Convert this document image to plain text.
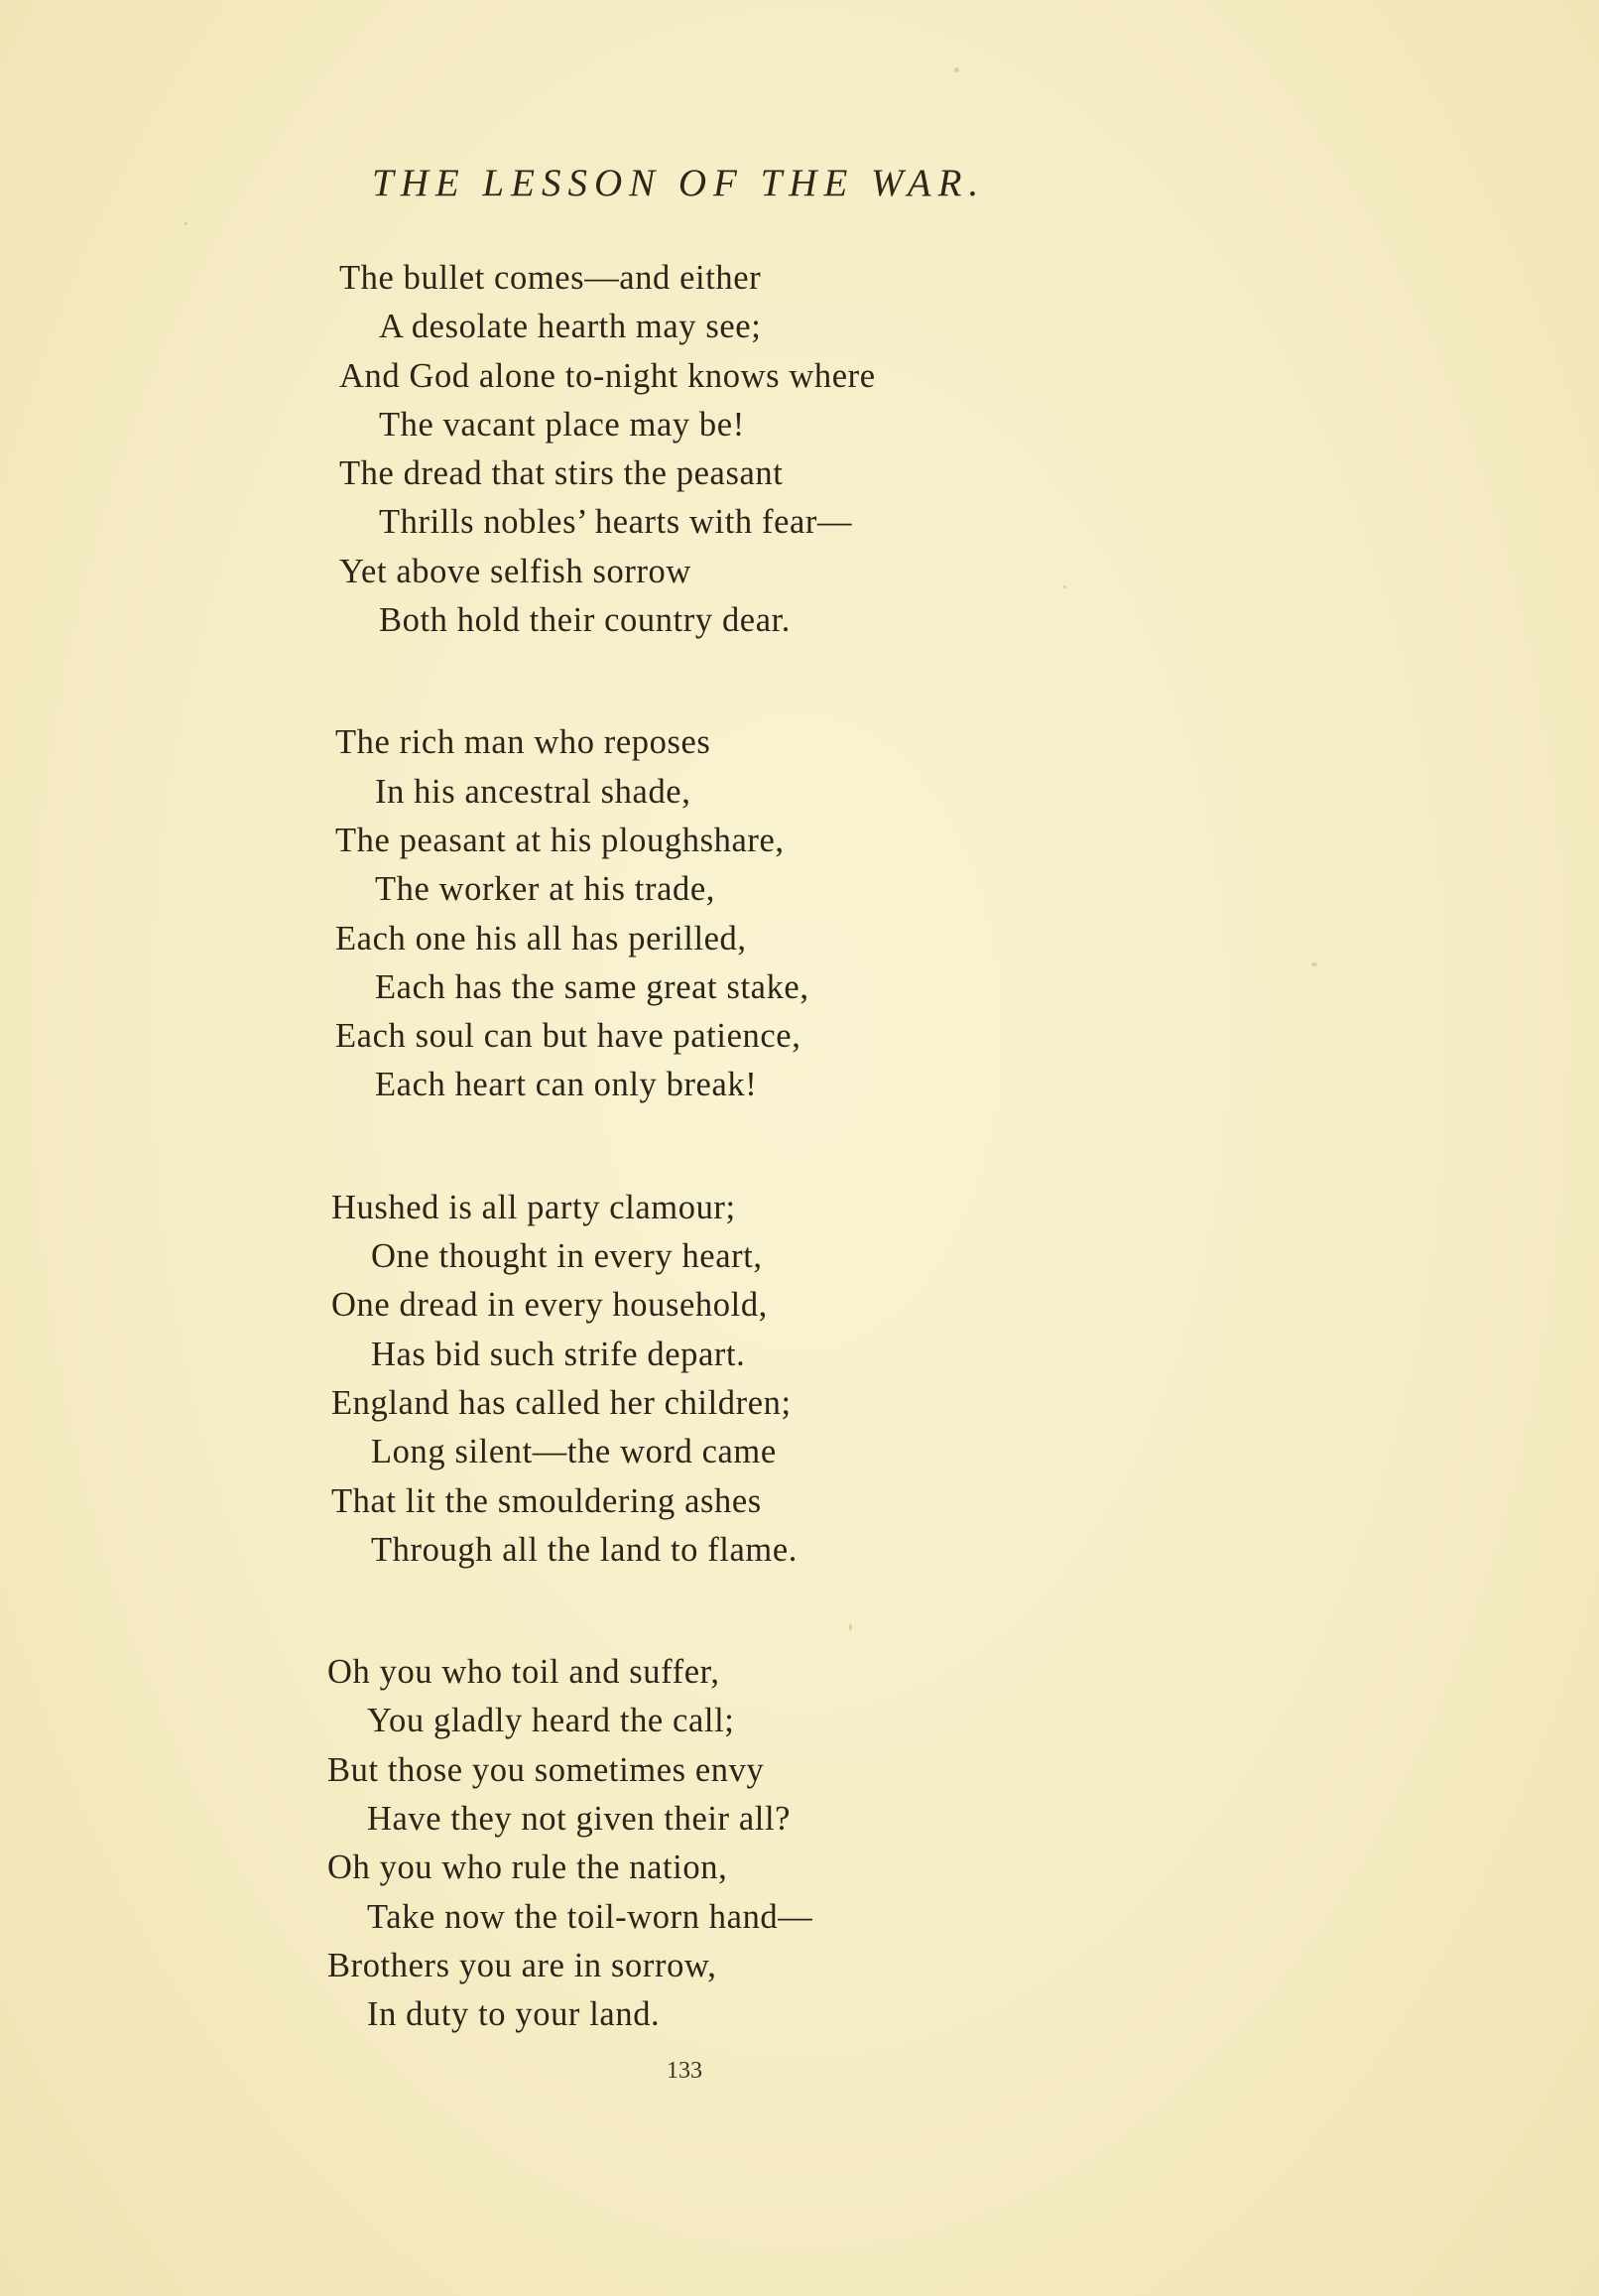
THE LESSON OF THE WAR.
The bullet comes—and either
A desolate hearth may see;
And God alone to-night knows where
The vacant place may be!
The dread that stirs the peasant
Thrills nobles’ hearts with fear—
Yet above selfish sorrow
Both hold their country dear.
The rich man who reposes
In his ancestral shade,
The peasant at his ploughshare,
The worker at his trade,
Each one his all has perilled,
Each has the same great stake,
Each soul can but have patience,
Each heart can only break!
Hushed is all party clamour;
One thought in every heart,
One dread in every household,
Has bid such strife depart.
England has called her children;
Long silent—the word came
That lit the smouldering ashes
Through all the land to flame.
Oh you who toil and suffer,
You gladly heard the call;
But those you sometimes envy
Have they not given their all?
Oh you who rule the nation,
Take now the toil-worn hand—
Brothers you are in sorrow,
In duty to your land.
133
